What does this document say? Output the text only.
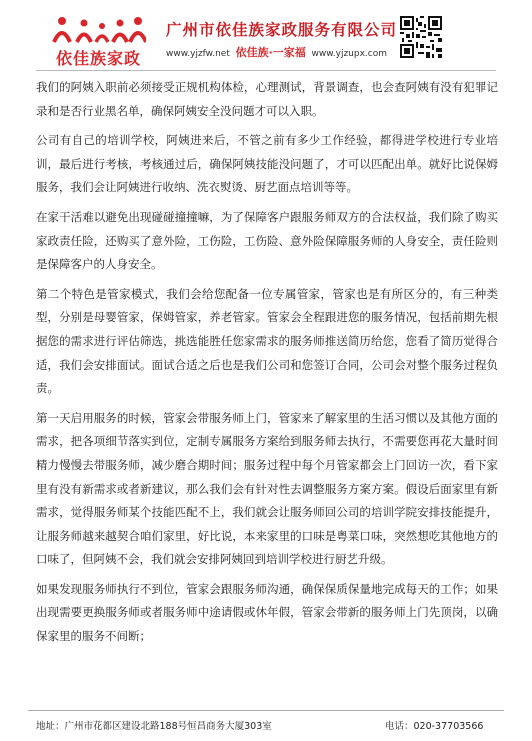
依佳族家政
广州市依佳族家政服务有限公司
www.yjzfw.net 依佳族·一家福 www.yjzupx.com

我们的阿姨入职前必须接受正规机构体检，心理测试，背景调查，也会查阿姨有没有犯罪记录和是否行业黑名单，确保阿姨安全没问题才可以入职。

公司有自己的培训学校，阿姨进来后，不管之前有多少工作经验，都得进学校进行专业培训，最后进行考核，考核通过后，确保阿姨技能没问题了，才可以匹配出单。就好比说保姆服务，我们会让阿姨进行收纳、洗衣熨烫、厨艺面点培训等等。

在家干活难以避免出现碰碰撞撞嘛，为了保障客户跟服务师双方的合法权益，我们除了购买家政责任险，还购买了意外险，工伤险，工伤险、意外险保障服务师的人身安全，责任险则是保障客户的人身安全。

第二个特色是管家模式，我们会给您配备一位专属管家，管家也是有所区分的，有三种类型，分别是母婴管家，保姆管家，养老管家。管家会全程跟进您的服务情况，包括前期先根据您的需求进行评估筛选，挑选能胜任您家需求的服务师推送简历给您，您看了简历觉得合适，我们会安排面试。面试合适之后也是我们公司和您签订合同，公司会对整个服务过程负责。

第一天启用服务的时候，管家会带服务师上门，管家来了解家里的生活习惯以及其他方面的需求，把各项细节落实到位，定制专属服务方案给到服务师去执行，不需要您再花大量时间精力慢慢去带服务师，减少磨合期时间；服务过程中每个月管家都会上门回访一次，看下家里有没有新需求或者新建议，那么我们会有针对性去调整服务方案方案。假设后面家里有新需求，觉得服务师某个技能匹配不上，我们就会让服务师回公司的培训学院安排技能提升，让服务师越来越契合咱们家里，好比说，本来家里的口味是粤菜口味，突然想吃其他地方的口味了，但阿姨不会，我们就会安排阿姨回到培训学校进行厨艺升级。

如果发现服务师执行不到位，管家会跟服务师沟通，确保保质保量地完成每天的工作；如果出现需要更换服务师或者服务师中途请假或休年假，管家会带新的服务师上门先顶岗，以确保家里的服务不间断；

地址：广州市花都区建设北路188号恒昌商务大厦303室	电话：020-37703566
